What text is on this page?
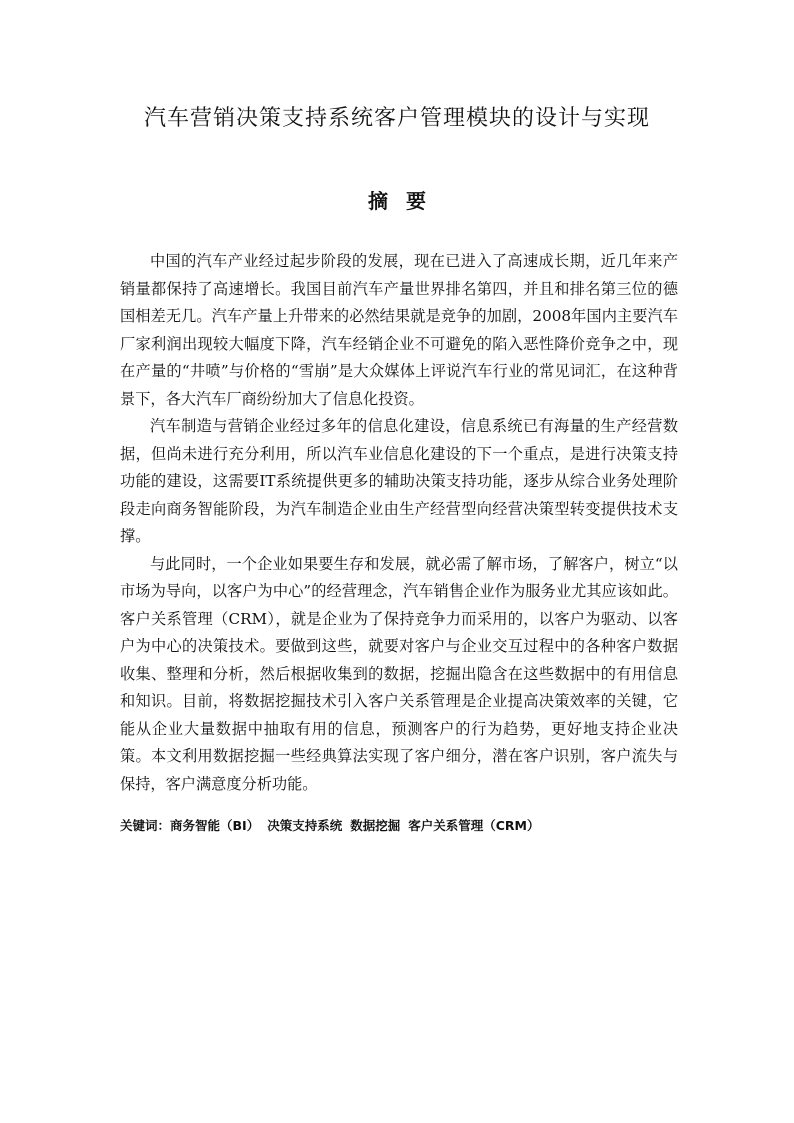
汽车营销决策支持系统客户管理模块的设计与实现
摘要

中国的汽车产业经过起步阶段的发展，现在已进入了高速成长期，近几年来产销量都保持了高速增长。我国目前汽车产量世界排名第四，并且和排名第三位的德国相差无几。汽车产量上升带来的必然结果就是竞争的加剧，2008年国内主要汽车厂家利润出现较大幅度下降，汽车经销企业不可避免的陷入恶性降价竞争之中，现在产量的“井喷”与价格的“雪崩”是大众媒体上评说汽车行业的常见词汇，在这种背景下，各大汽车厂商纷纷加大了信息化投资。

汽车制造与营销企业经过多年的信息化建设，信息系统已有海量的生产经营数据，但尚未进行充分利用，所以汽车业信息化建设的下一个重点，是进行决策支持功能的建设，这需要IT系统提供更多的辅助决策支持功能，逐步从综合业务处理阶段走向商务智能阶段，为汽车制造企业由生产经营型向经营决策型转变提供技术支撑。

与此同时，一个企业如果要生存和发展，就必需了解市场，了解客户，树立“以市场为导向，以客户为中心”的经营理念，汽车销售企业作为服务业尤其应该如此。客户关系管理（CRM），就是企业为了保持竞争力而采用的，以客户为驱动、以客户为中心的决策技术。要做到这些，就要对客户与企业交互过程中的各种客户数据收集、整理和分析，然后根据收集到的数据，挖掘出隐含在这些数据中的有用信息和知识。目前，将数据挖掘技术引入客户关系管理是企业提高决策效率的关键，它能从企业大量数据中抽取有用的信息，预测客户的行为趋势，更好地支持企业决策。本文利用数据挖掘一些经典算法实现了客户细分，潜在客户识别，客户流失与保持，客户满意度分析功能。

关键词：商务智能（BI） 决策支持系统 数据挖掘 客户关系管理（CRM）
